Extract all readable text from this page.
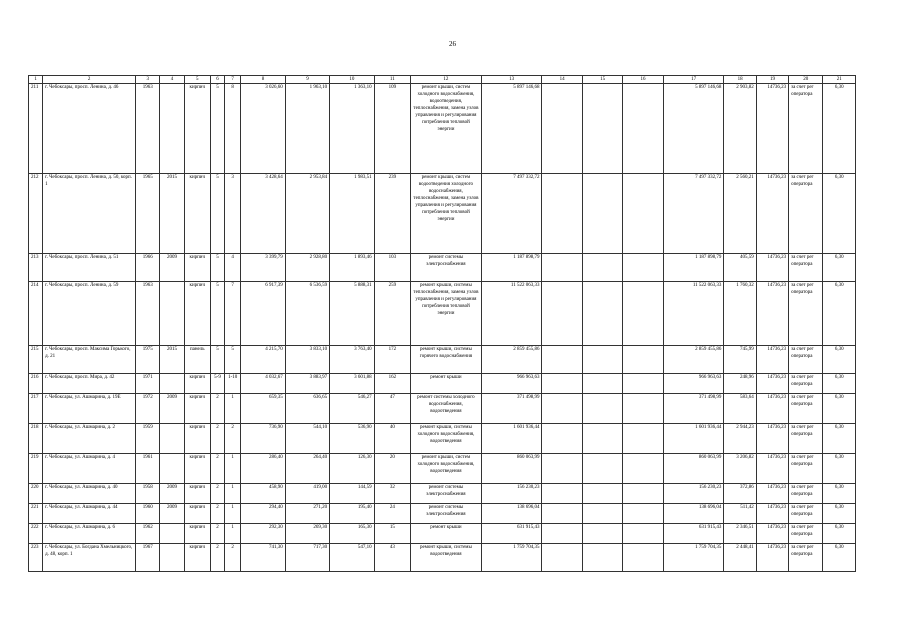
26
1	2	3	4	5	6	7	8	9	10	11	12	13	14	15	16	17	18	19	20	21
211	г. Чебоксары, просп. Ленина, д. 46	1963		кирпич	5	8	3 026,60	1 963,10	1 363,10	109	ремонт крыши, систем холодного водоснабжения, водоотведения, теплоснабжения, замена узлов управления и регулирования потребления тепловой энергии	5 897 146,68				5 897 146,68	2 903,82	14736,23	за счет рег оператора	6,30
212	г. Чебоксары, просп. Ленина, д. 50, корп. 1	1965	2015	кирпич	5	3	3 428,64	2 953,84	1 983,51	239	ремонт крыши, систем водоотведения холодного водоснабжения, теплоснабжения, замена узлов управления и регулирования потребления тепловой энергии	7 497 332,72				7 497 332,72	2 560,21	14736,23	за счет рег оператора	6,30
213	г. Чебоксары, просп. Ленина, д. 51	1966	2009	кирпич	5	4	3 399,79	2 928,80	1 893,46	103	ремонт системы электроснабжения	1 187 898,79				1 187 898,79	405,59	14736,23	за счет рег оператора	6,30
214	г. Чебоксары, просп. Ленина, д. 59	1963		кирпич	5	7	6 917,39	6 536,59	5 888,31	259	ремонт крыши, системы теплоснабжения, замена узлов управления и регулирования потребления тепловой энергии	11 522 063,33				11 522 063,33	1 760,32	14736,23	за счет рег оператора	6,30
215	г. Чебоксары, просп. Максима Горького, д. 21	1975	2015	панель	5	5	4 215,70	3 833,10	3 763,40	172	ремонт крыши, системы горячего водоснабжения	2 859 455,86				2 859 455,86	745,99	14736,23	за счет рег оператора	6,30
216	г. Чебоксары, просп. Мира, д. 42	1971		кирпич	5-9	1-10	4 032,67	3 883,97	3 601,88	162	ремонт крыши	966 963,63				966 963,63	248,96	14736,23	за счет рег оператора	6,30
217	г. Чебоксары, ул. Ашмарина, д. 19Е	1972	2009	кирпич	2	1	659,35	636,65	546,27	47	ремонт системы холодного водоснабжения, водоотведения	371 498,99				371 498,99	583,64	14736,23	за счет рег оператора	6,30
218	г. Чебоксары, ул. Ашмарина, д. 2	1959		кирпич	2	2	736,90	544,10	536,90	40	ремонт крыши, системы холодного водоснабжения, водоотведения	1 601 936,44				1 601 936,44	2 944,23	14736,23	за счет рег оператора	6,30
219	г. Чебоксары, ул. Ашмарина, д. 4	1961		кирпич	2	1	286,40	264,40	126,30	20	ремонт крыши, систем холодного водоснабжения, водоотведения	860 063,99				860 063,99	3 206,82	14736,23	за счет рег оператора	6,30
220	г. Чебоксары, ул. Ашмарина, д. 40	1958	2009	кирпич	2	1	458,90	419,00	144,59	32	ремонт системы электроснабжения	156 230,23				156 230,23	372,86	14736,23	за счет рег оператора	6,30
221	г. Чебоксары, ул. Ашмарина, д. 44	1960	2009	кирпич	2	1	294,40	271,20	195,40	24	ремонт системы электроснабжения	138 696,04				138 696,04	511,42	14736,23	за счет рег оператора	6,30
222	г. Чебоксары, ул. Ашмарина, д. 6	1962		кирпич	2	1	292,30	269,30	165,30	15	ремонт крыши	631 915,43				631 915,43	2 346,51	14736,23	за счет рег оператора	6,30
223	г. Чебоксары, ул. Богдана Хмельницкого, д. 48, корп. 1	1967		кирпич	2	2	741,30	717,30	547,10	43	ремонт крыши, системы водоотведения	1 759 704,35				1 759 704,35	2 448,41	14736,23	за счет рег оператора	6,30
